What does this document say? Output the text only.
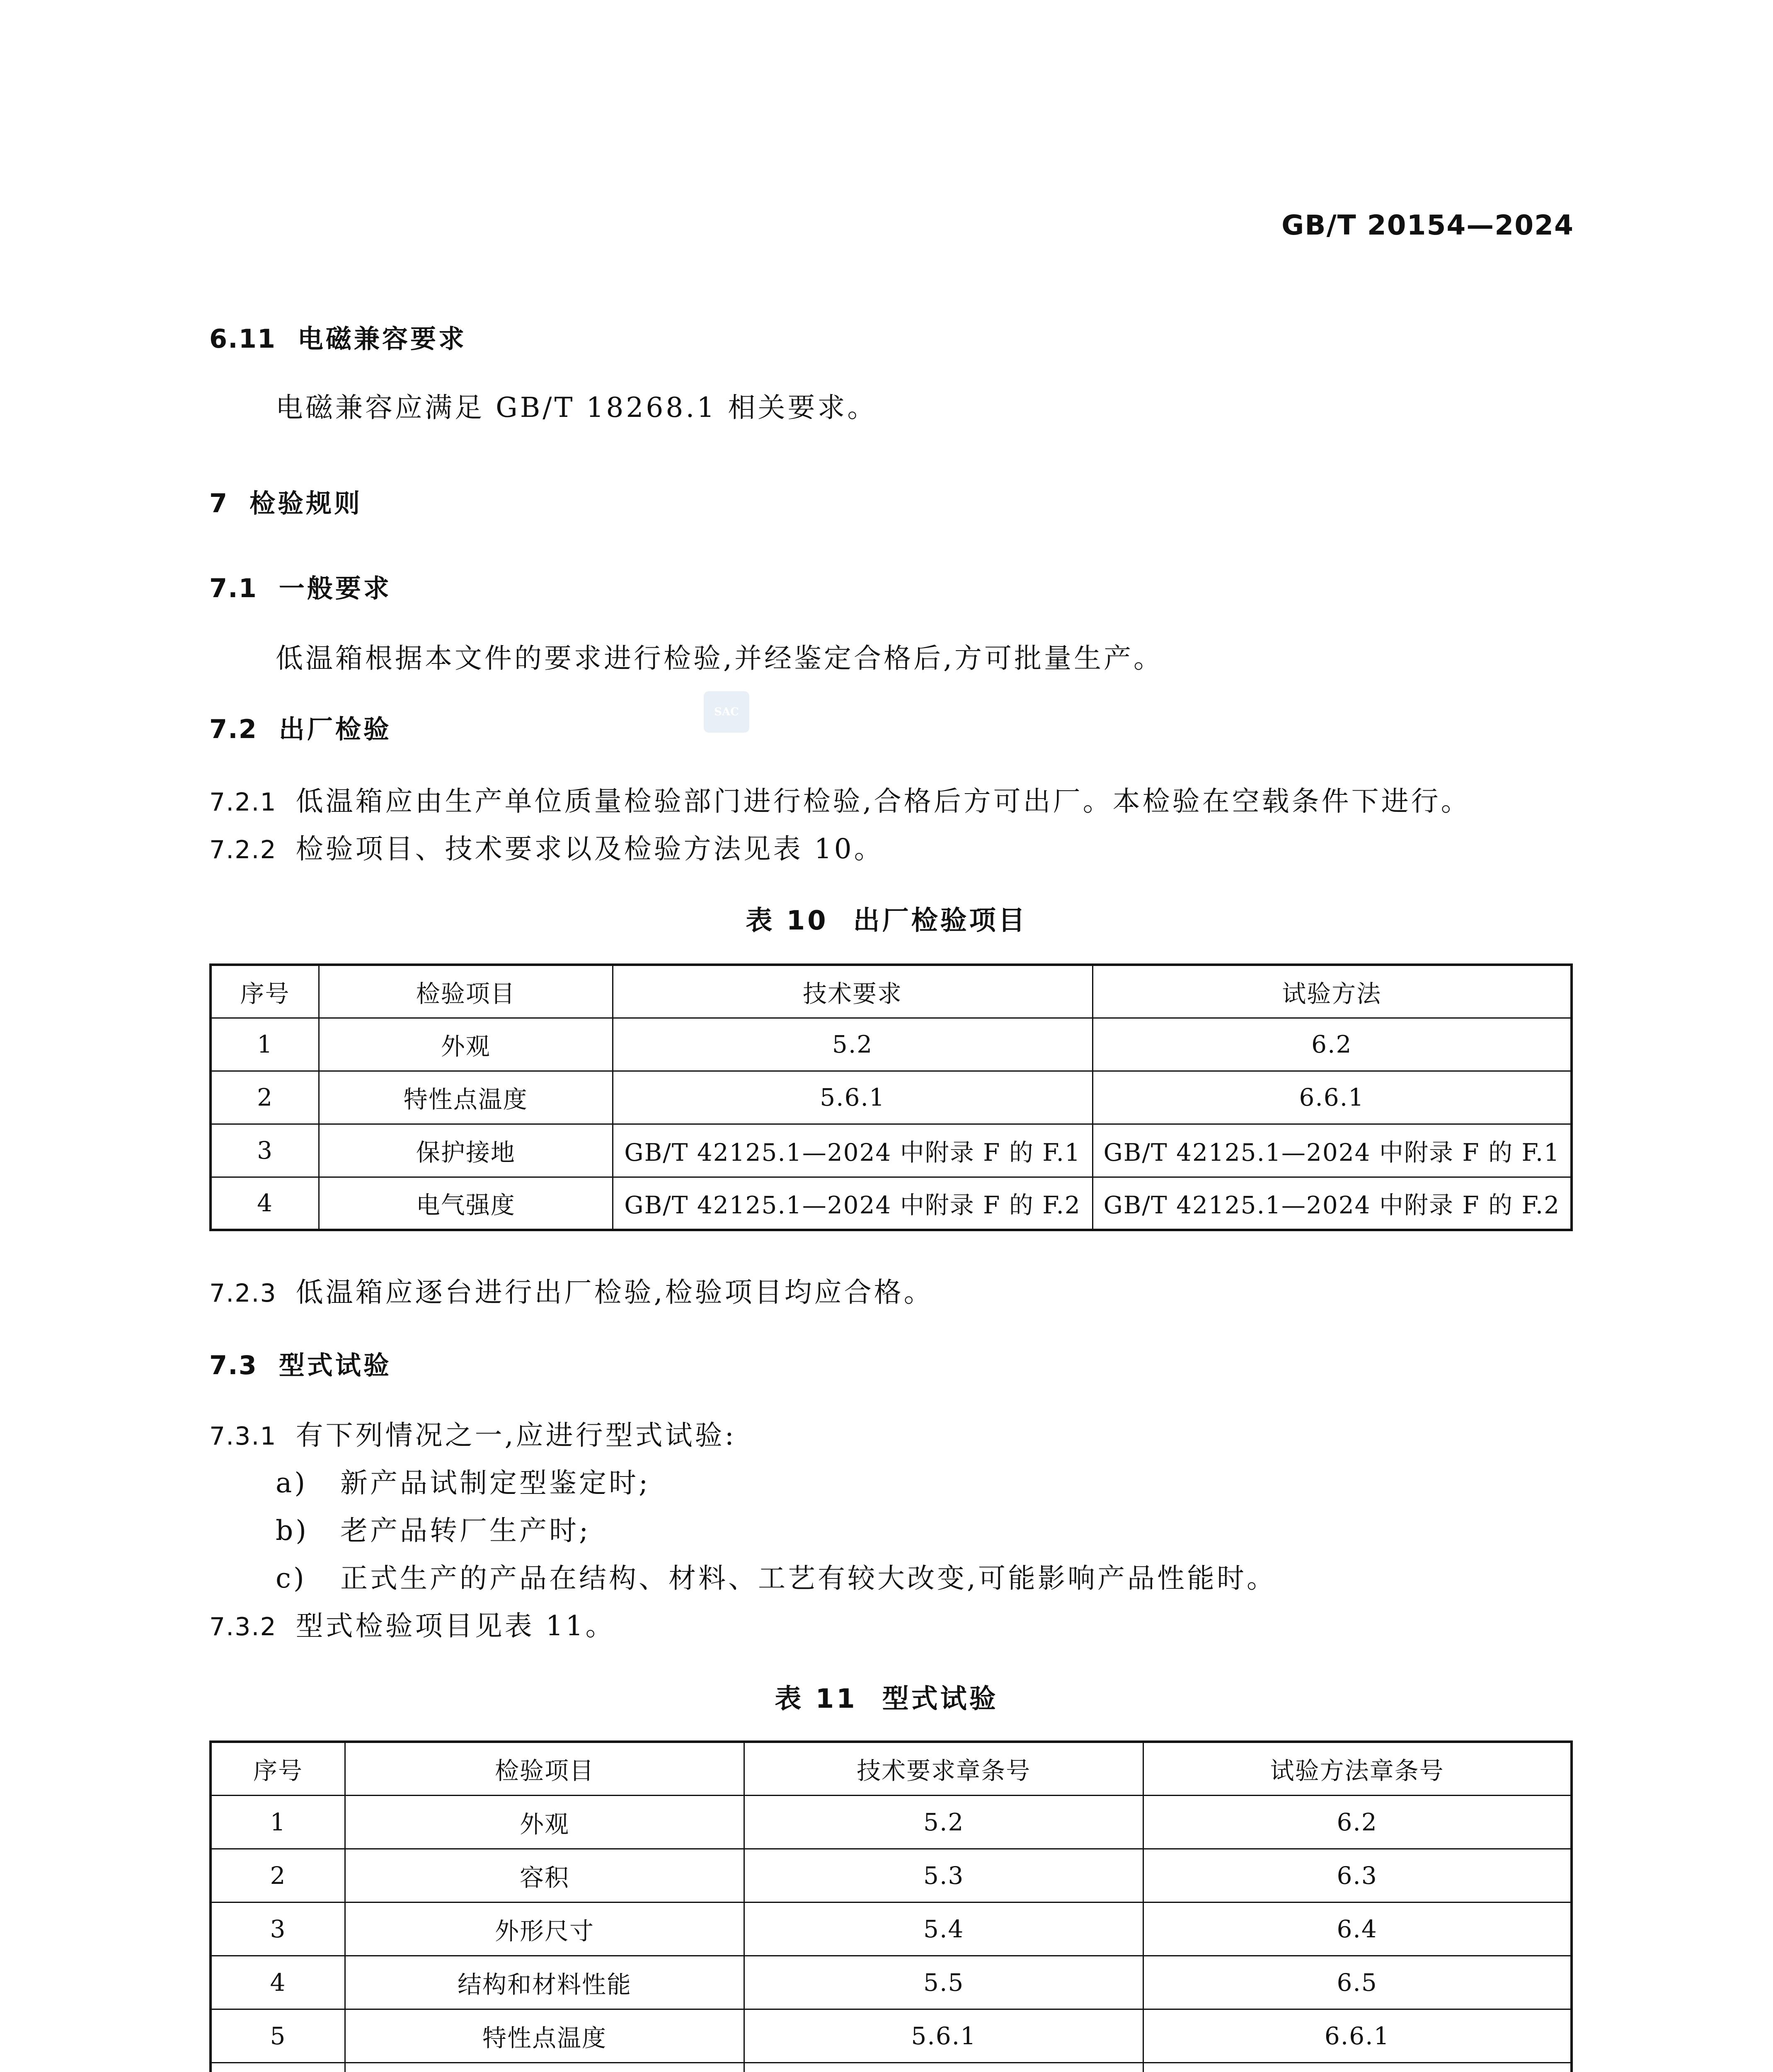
GB/T 20154—2024
6.11 电磁兼容要求
电磁兼容应满足 GB/T 18268.1 相关要求。
7 检验规则
7.1 一般要求
低温箱根据本文件的要求进行检验,并经鉴定合格后,方可批量生产。
SAC
7.2 出厂检验
7.2.1 低温箱应由生产单位质量检验部门进行检验,合格后方可出厂。本检验在空载条件下进行。
7.2.2 检验项目、技术要求以及检验方法见表 10。
表 10 出厂检验项目
序号	检验项目	技术要求	试验方法
1	外观	5.2	6.2
2	特性点温度	5.6.1	6.6.1
3	保护接地	GB/T 42125.1—2024 中附录 F 的 F.1	GB/T 42125.1—2024 中附录 F 的 F.1
4	电气强度	GB/T 42125.1—2024 中附录 F 的 F.2	GB/T 42125.1—2024 中附录 F 的 F.2
7.2.3 低温箱应逐台进行出厂检验,检验项目均应合格。
7.3 型式试验
7.3.1 有下列情况之一,应进行型式试验:
a) 新产品试制定型鉴定时;
b) 老产品转厂生产时;
c) 正式生产的产品在结构、材料、工艺有较大改变,可能影响产品性能时。
7.3.2 型式检验项目见表 11。
表 11 型式试验
序号	检验项目	技术要求章条号	试验方法章条号
1	外观	5.2	6.2
2	容积	5.3	6.3
3	外形尺寸	5.4	6.4
4	结构和材料性能	5.5	6.5
5	特性点温度	5.6.1	6.6.1
